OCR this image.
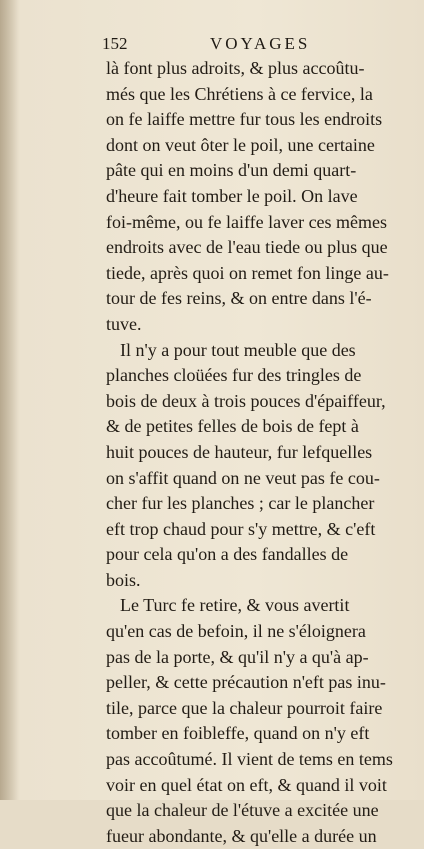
152	VOYAGES

là font plus adroits, & plus accoûtu-
més que les Chrétiens à ce fervice, la
on fe laiffe mettre fur tous les endroits
dont on veut ôter le poil, une certaine
pâte qui en moins d'un demi quart-
d'heure fait tomber le poil. On lave
foi-même, ou fe laiffe laver ces mêmes
endroits avec de l'eau tiede ou plus que
tiede, après quoi on remet fon linge au-
tour de fes reins, & on entre dans l'é-
tuve.

Il n'y a pour tout meuble que des
planches cloüées fur des tringles de
bois de deux à trois pouces d'épaiffeur,
& de petites felles de bois de fept à
huit pouces de hauteur, fur lefquelles
on s'affit quand on ne veut pas fe cou-
cher fur les planches ; car le plancher
eft trop chaud pour s'y mettre, & c'eft
pour cela qu'on a des fandalles de
bois.

Le Turc fe retire, & vous avertit
qu'en cas de befoin, il ne s'éloignera
pas de la porte, & qu'il n'y a qu'à ap-
peller, & cette précaution n'eft pas inu-
tile, parce que la chaleur pourroit faire
tomber en foibleffe, quand on n'y eft
pas accoûtumé. Il vient de tems en tems
voir en quel état on eft, & quand il voit
que la chaleur de l'étuve a excitée une
fueur abondante, & qu'elle a durée un
